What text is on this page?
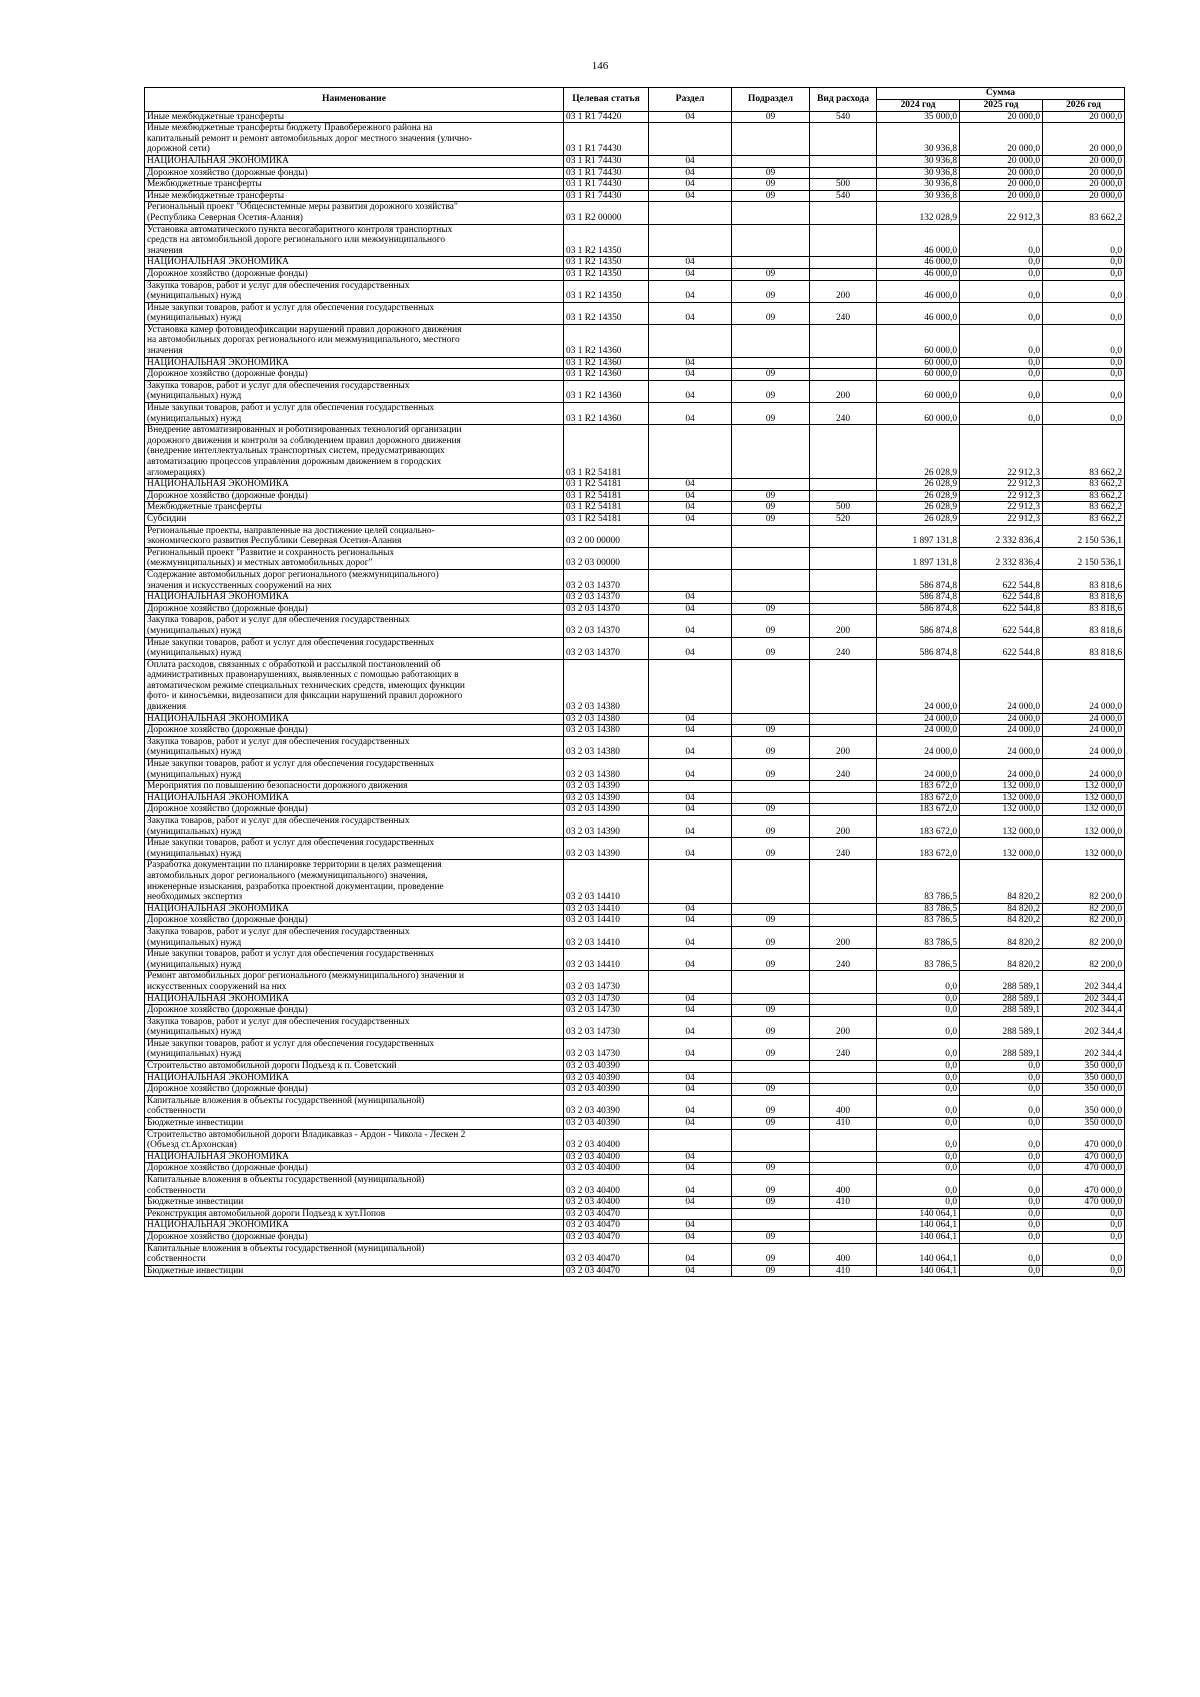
146
Наименование	Целевая статья	Раздел	Подраздел	Вид расхода	Сумма		
					2024 год	2025 год	2026 год
Иные межбюджетные трансферты	03 1 R1 74420	04	09	540	35 000,0	20 000,0	20 000,0
Иные межбюджетные трансферты бюджету Правобережного района на
капитальный ремонт и ремонт автомобильных дорог местного значения (улично-
дорожной сети)	03 1 R1 74430				30 936,8	20 000,0	20 000,0
НАЦИОНАЛЬНАЯ ЭКОНОМИКА	03 1 R1 74430	04			30 936,8	20 000,0	20 000,0
Дорожное хозяйство (дорожные фонды)	03 1 R1 74430	04	09		30 936,8	20 000,0	20 000,0
Межбюджетные трансферты	03 1 R1 74430	04	09	500	30 936,8	20 000,0	20 000,0
Иные межбюджетные трансферты	03 1 R1 74430	04	09	540	30 936,8	20 000,0	20 000,0
Региональный проект "Общесистемные меры развития дорожного хозяйства"
(Республика Северная Осетия-Алания)	03 1 R2 00000				132 028,9	22 912,3	83 662,2
Установка автоматического пункта весогабаритного контроля транспортных
средств на автомобильной дороге регионального или межмуниципального
значения	03 1 R2 14350				46 000,0	0,0	0,0
НАЦИОНАЛЬНАЯ ЭКОНОМИКА	03 1 R2 14350	04			46 000,0	0,0	0,0
Дорожное хозяйство (дорожные фонды)	03 1 R2 14350	04	09		46 000,0	0,0	0,0
Закупка товаров, работ и услуг для обеспечения государственных
(муниципальных) нужд	03 1 R2 14350	04	09	200	46 000,0	0,0	0,0
Иные закупки товаров, работ и услуг для обеспечения государственных
(муниципальных) нужд	03 1 R2 14350	04	09	240	46 000,0	0,0	0,0
Установка камер фотовидеофиксации нарушений правил дорожного движения
на автомобильных дорогах регионального или межмуниципального, местного
значения	03 1 R2 14360				60 000,0	0,0	0,0
НАЦИОНАЛЬНАЯ ЭКОНОМИКА	03 1 R2 14360	04			60 000,0	0,0	0,0
Дорожное хозяйство (дорожные фонды)	03 1 R2 14360	04	09		60 000,0	0,0	0,0
Закупка товаров, работ и услуг для обеспечения государственных
(муниципальных) нужд	03 1 R2 14360	04	09	200	60 000,0	0,0	0,0
Иные закупки товаров, работ и услуг для обеспечения государственных
(муниципальных) нужд	03 1 R2 14360	04	09	240	60 000,0	0,0	0,0
Внедрение автоматизированных и роботизированных технологий организации
дорожного движения и контроля за соблюдением правил дорожного движения
(внедрение интеллектуальных транспортных систем, предусматривающих
автоматизацию процессов управления дорожным движением в городских
агломерациях)	03 1 R2 54181				26 028,9	22 912,3	83 662,2
НАЦИОНАЛЬНАЯ ЭКОНОМИКА	03 1 R2 54181	04			26 028,9	22 912,3	83 662,2
Дорожное хозяйство (дорожные фонды)	03 1 R2 54181	04	09		26 028,9	22 912,3	83 662,2
Межбюджетные трансферты	03 1 R2 54181	04	09	500	26 028,9	22 912,3	83 662,2
Субсидии	03 1 R2 54181	04	09	520	26 028,9	22 912,3	83 662,2
Региональные проекты, направленные на достижение целей социально-
экономического развития Республики Северная Осетия-Алания	03 2 00 00000				1 897 131,8	2 332 836,4	2 150 536,1
Региональный проект "Развитие и сохранность региональных
(межмуниципальных) и местных автомобильных дорог"	03 2 03 00000				1 897 131,8	2 332 836,4	2 150 536,1
Содержание автомобильных дорог регионального (межмуниципального)
значения и искусственных сооружений на них	03 2 03 14370				586 874,8	622 544,8	83 818,6
НАЦИОНАЛЬНАЯ ЭКОНОМИКА	03 2 03 14370	04			586 874,8	622 544,8	83 818,6
Дорожное хозяйство (дорожные фонды)	03 2 03 14370	04	09		586 874,8	622 544,8	83 818,6
Закупка товаров, работ и услуг для обеспечения государственных
(муниципальных) нужд	03 2 03 14370	04	09	200	586 874,8	622 544,8	83 818,6
Иные закупки товаров, работ и услуг для обеспечения государственных
(муниципальных) нужд	03 2 03 14370	04	09	240	586 874,8	622 544,8	83 818,6
Оплата расходов, связанных с обработкой и рассылкой постановлений об
административных правонарушениях, выявленных с помощью работающих в
автоматическом режиме специальных технических средств, имеющих функции
фото- и киносъемки, видеозаписи для фиксации нарушений правил дорожного
движения	03 2 03 14380				24 000,0	24 000,0	24 000,0
НАЦИОНАЛЬНАЯ ЭКОНОМИКА	03 2 03 14380	04			24 000,0	24 000,0	24 000,0
Дорожное хозяйство (дорожные фонды)	03 2 03 14380	04	09		24 000,0	24 000,0	24 000,0
Закупка товаров, работ и услуг для обеспечения государственных
(муниципальных) нужд	03 2 03 14380	04	09	200	24 000,0	24 000,0	24 000,0
Иные закупки товаров, работ и услуг для обеспечения государственных
(муниципальных) нужд	03 2 03 14380	04	09	240	24 000,0	24 000,0	24 000,0
Мероприятия по повышению безопасности дорожного движения	03 2 03 14390				183 672,0	132 000,0	132 000,0
НАЦИОНАЛЬНАЯ ЭКОНОМИКА	03 2 03 14390	04			183 672,0	132 000,0	132 000,0
Дорожное хозяйство (дорожные фонды)	03 2 03 14390	04	09		183 672,0	132 000,0	132 000,0
Закупка товаров, работ и услуг для обеспечения государственных
(муниципальных) нужд	03 2 03 14390	04	09	200	183 672,0	132 000,0	132 000,0
Иные закупки товаров, работ и услуг для обеспечения государственных
(муниципальных) нужд	03 2 03 14390	04	09	240	183 672,0	132 000,0	132 000,0
Разработка документации по планировке территории в целях размещения
автомобильных дорог регионального (межмуниципального) значения,
инженерные изыскания, разработка проектной документации, проведение
необходимых экспертиз	03 2 03 14410				83 786,5	84 820,2	82 200,0
НАЦИОНАЛЬНАЯ ЭКОНОМИКА	03 2 03 14410	04			83 786,5	84 820,2	82 200,0
Дорожное хозяйство (дорожные фонды)	03 2 03 14410	04	09		83 786,5	84 820,2	82 200,0
Закупка товаров, работ и услуг для обеспечения государственных
(муниципальных) нужд	03 2 03 14410	04	09	200	83 786,5	84 820,2	82 200,0
Иные закупки товаров, работ и услуг для обеспечения государственных
(муниципальных) нужд	03 2 03 14410	04	09	240	83 786,5	84 820,2	82 200,0
Ремонт автомобильных дорог регионального (межмуниципального) значения и
искусственных сооружений на них	03 2 03 14730				0,0	288 589,1	202 344,4
НАЦИОНАЛЬНАЯ ЭКОНОМИКА	03 2 03 14730	04			0,0	288 589,1	202 344,4
Дорожное хозяйство (дорожные фонды)	03 2 03 14730	04	09		0,0	288 589,1	202 344,4
Закупка товаров, работ и услуг для обеспечения государственных
(муниципальных) нужд	03 2 03 14730	04	09	200	0,0	288 589,1	202 344,4
Иные закупки товаров, работ и услуг для обеспечения государственных
(муниципальных) нужд	03 2 03 14730	04	09	240	0,0	288 589,1	202 344,4
Строительство автомобильной дороги Подъезд к п. Советский	03 2 03 40390				0,0	0,0	350 000,0
НАЦИОНАЛЬНАЯ ЭКОНОМИКА	03 2 03 40390	04			0,0	0,0	350 000,0
Дорожное хозяйство (дорожные фонды)	03 2 03 40390	04	09		0,0	0,0	350 000,0
Капитальные вложения в объекты государственной (муниципальной)
собственности	03 2 03 40390	04	09	400	0,0	0,0	350 000,0
Бюджетные инвестиции	03 2 03 40390	04	09	410	0,0	0,0	350 000,0
Строительство автомобильной дороги Владикавказ - Ардон - Чикола - Лескен 2
(Объезд ст.Архонская)	03 2 03 40400				0,0	0,0	470 000,0
НАЦИОНАЛЬНАЯ ЭКОНОМИКА	03 2 03 40400	04			0,0	0,0	470 000,0
Дорожное хозяйство (дорожные фонды)	03 2 03 40400	04	09		0,0	0,0	470 000,0
Капитальные вложения в объекты государственной (муниципальной)
собственности	03 2 03 40400	04	09	400	0,0	0,0	470 000,0
Бюджетные инвестиции	03 2 03 40400	04	09	410	0,0	0,0	470 000,0
Реконструкция автомобильной дороги Подъезд к хут.Попов	03 2 03 40470				140 064,1	0,0	0,0
НАЦИОНАЛЬНАЯ ЭКОНОМИКА	03 2 03 40470	04			140 064,1	0,0	0,0
Дорожное хозяйство (дорожные фонды)	03 2 03 40470	04	09		140 064,1	0,0	0,0
Капитальные вложения в объекты государственной (муниципальной)
собственности	03 2 03 40470	04	09	400	140 064,1	0,0	0,0
Бюджетные инвестиции	03 2 03 40470	04	09	410	140 064,1	0,0	0,0
